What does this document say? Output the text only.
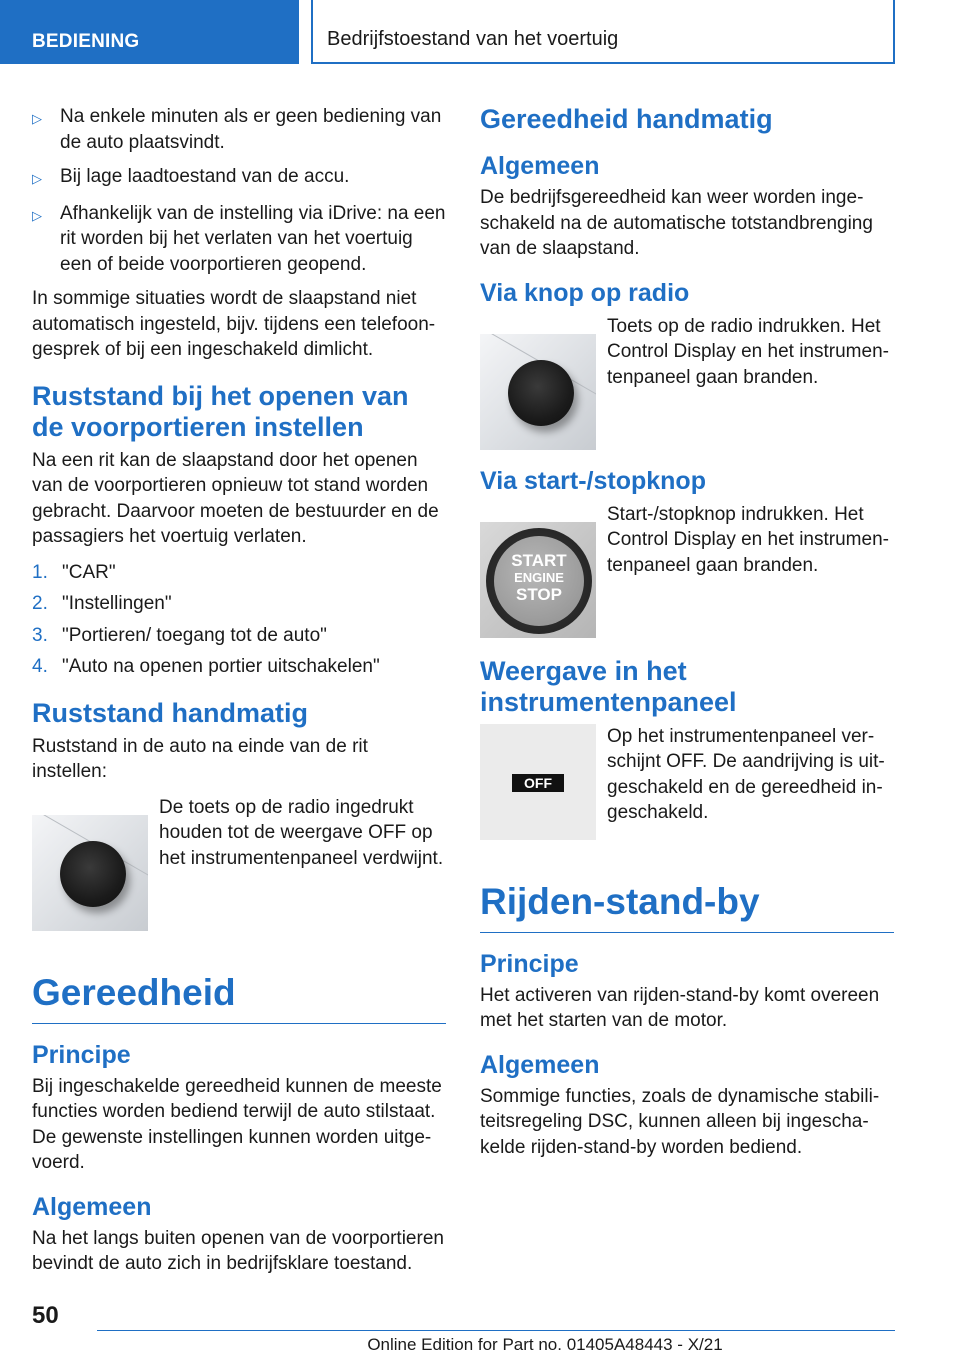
BEDIENING	Bedrijfstoestand van het voertuig
▷ Na enkele minuten als er geen bediening van de auto plaatsvindt.
▷ Bij lage laadtoestand van de accu.
▷ Afhankelijk van de instelling via iDrive: na een rit worden bij het verlaten van het voertuig een of beide voorportieren geopend.

In sommige situaties wordt de slaapstand niet automatisch ingesteld, bijv. tijdens een telefoon-gesprek of bij een ingeschakeld dimlicht.

Ruststand bij het openen van de voorportieren instellen

Na een rit kan de slaapstand door het openen van de voorportieren opnieuw tot stand worden gebracht. Daarvoor moeten de bestuurder en de passagiers het voertuig verlaten.

1. "CAR"
2. "Instellingen"
3. "Portieren/ toegang tot de auto"
4. "Auto na openen portier uitschakelen"
Ruststand handmatig

Ruststand in de auto na einde van de rit instellen:

De toets op de radio ingedrukt houden tot de weergave OFF op het instrumentenpaneel verdwijnt.

Gereedheid
Principe

Bij ingeschakelde gereedheid kunnen de meeste functies worden bediend terwijl de auto stilstaat. De gewenste instellingen kunnen worden uitge-voerd.

Algemeen

Na het langs buiten openen van de voorportieren bevindt de auto zich in bedrijfsklare toestand.

Gereedheid handmatig
Algemeen

De bedrijfsgereedheid kan weer worden inge-schakeld na de automatische totstandbrenging van de slaapstand.

Via knop op radio

Toets op de radio indrukken. Het Control Display en het instrumen-tenpaneel gaan branden.

Via start-/stopknop
START
ENGINE
STOP

Start-/stopknop indrukken. Het Control Display en het instrumen-tenpaneel gaan branden.

Weergave in het instrumentenpaneel
OFF

Op het instrumentenpaneel ver-schijnt OFF. De aandrijving is uit-geschakeld en de gereedheid in-geschakeld.

Rijden-stand-by
Principe

Het activeren van rijden-stand-by komt overeen met het starten van de motor.

Algemeen

Sommige functies, zoals de dynamische stabili-teitsregeling DSC, kunnen alleen bij ingescha-kelde rijden-stand-by worden bediend.

50
Online Edition for Part no. 01405A48443 - X/21
